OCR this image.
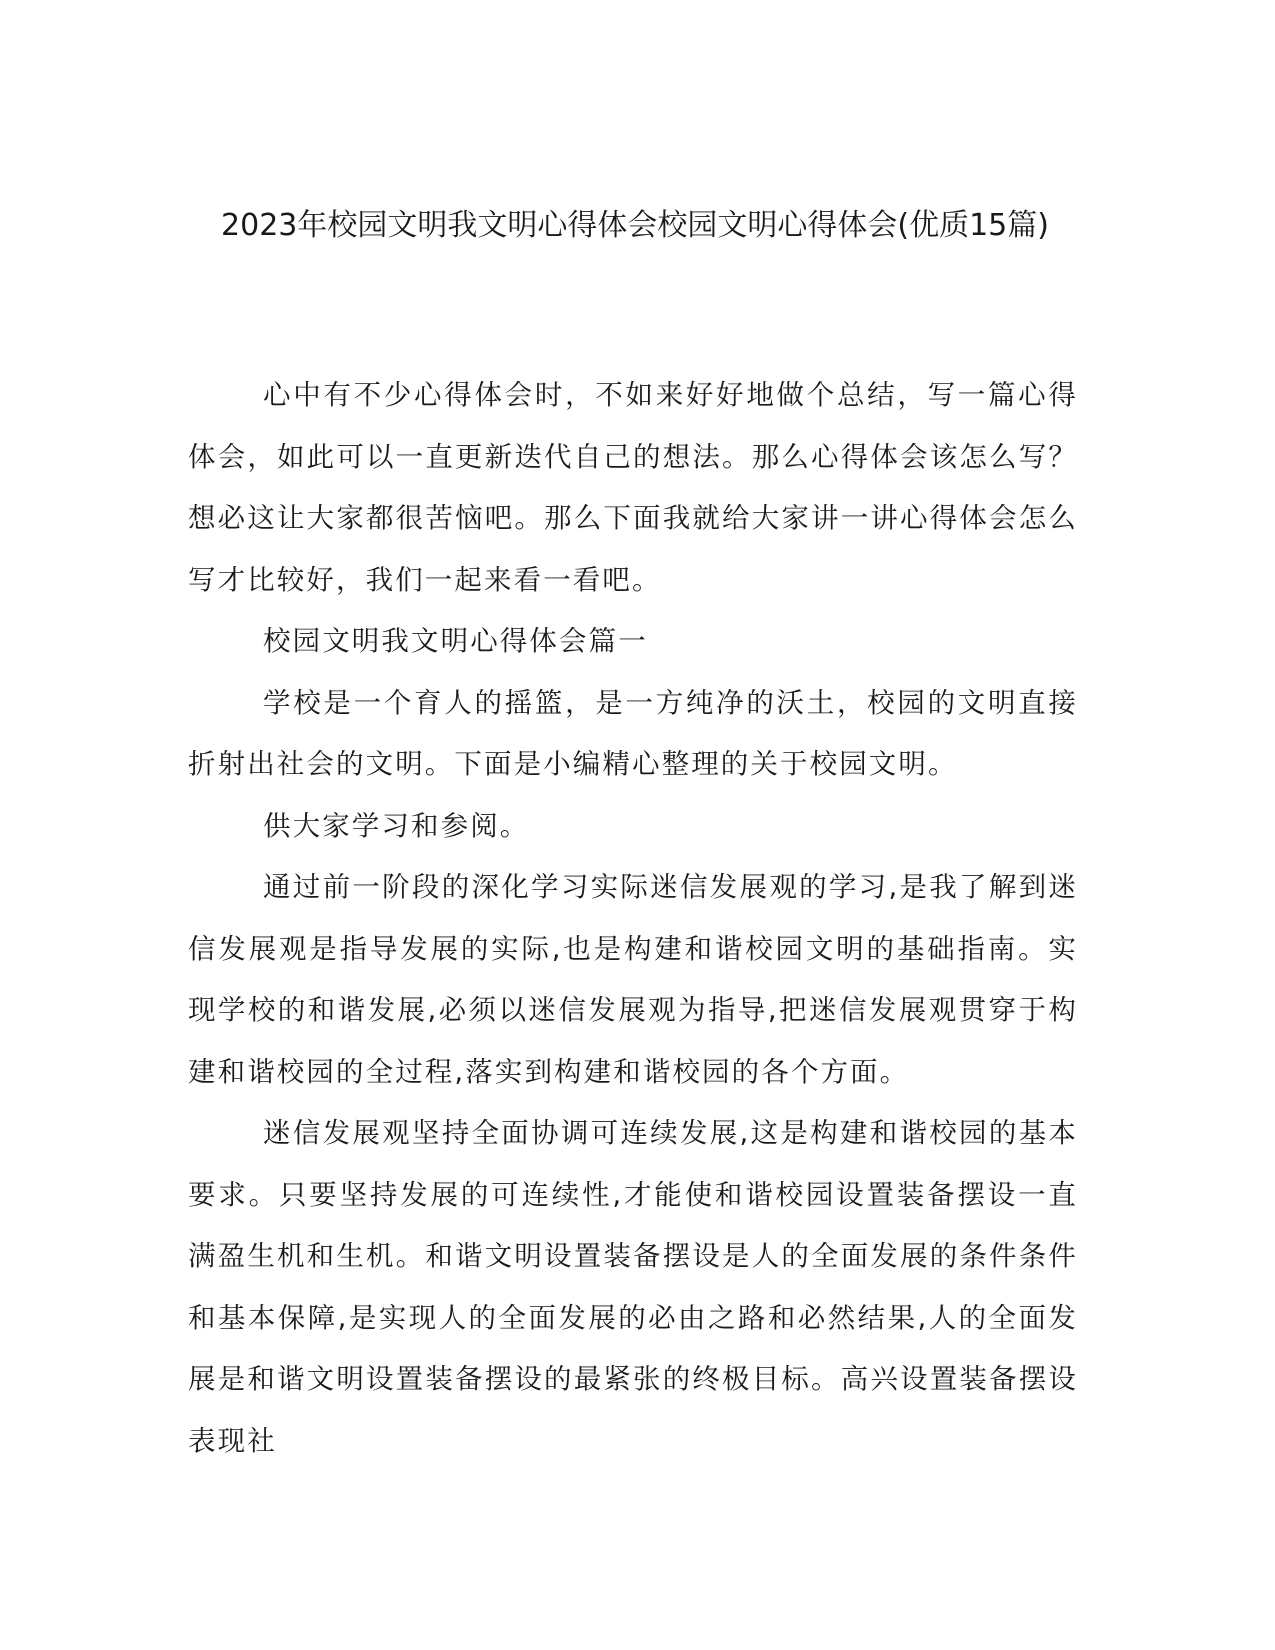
2023年校园文明我文明心得体会校园文明心得体会(优质15篇)

心中有不少心得体会时，不如来好好地做个总结，写一篇心得体会，如此可以一直更新迭代自己的想法。那么心得体会该怎么写？想必这让大家都很苦恼吧。那么下面我就给大家讲一讲心得体会怎么写才比较好，我们一起来看一看吧。

校园文明我文明心得体会篇一

学校是一个育人的摇篮，是一方纯净的沃土，校园的文明直接折射出社会的文明。下面是小编精心整理的关于校园文明。

供大家学习和参阅。

通过前一阶段的深化学习实际迷信发展观的学习,是我了解到迷信发展观是指导发展的实际,也是构建和谐校园文明的基础指南。实现学校的和谐发展,必须以迷信发展观为指导,把迷信发展观贯穿于构建和谐校园的全过程,落实到构建和谐校园的各个方面。

迷信发展观坚持全面协调可连续发展,这是构建和谐校园的基本要求。只要坚持发展的可连续性,才能使和谐校园设置装备摆设一直满盈生机和生机。和谐文明设置装备摆设是人的全面发展的条件条件和基本保障,是实现人的全面发展的必由之路和必然结果,人的全面发展是和谐文明设置装备摆设的最紧张的终极目标。高兴设置装备摆设表现社
